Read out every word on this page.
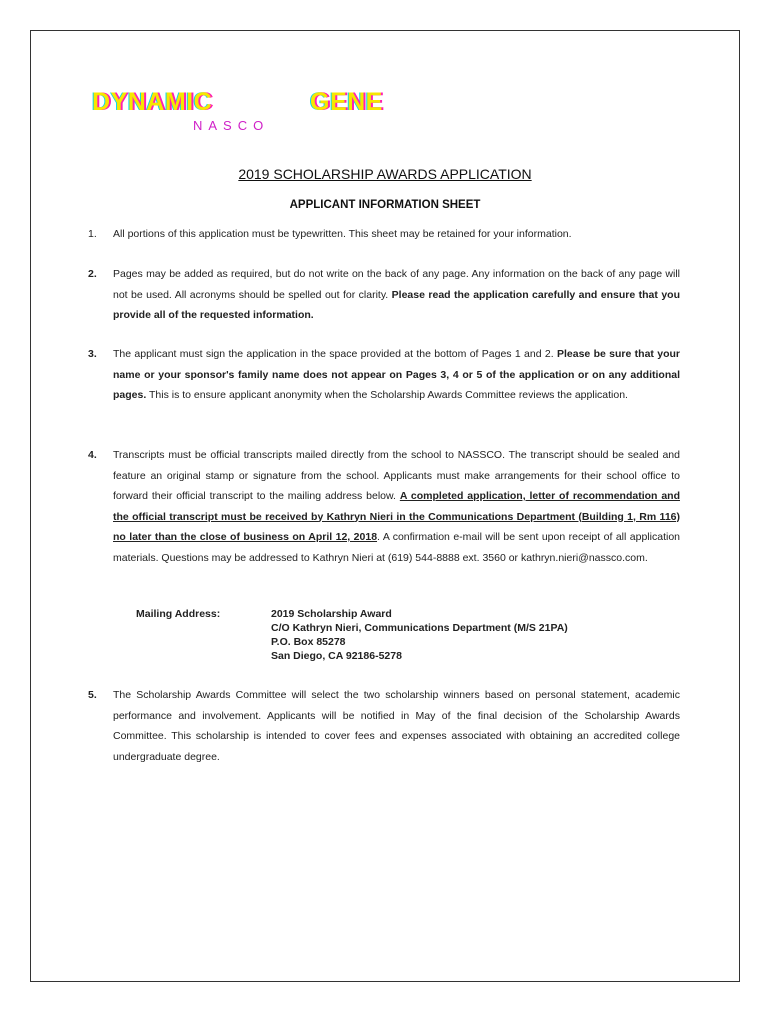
DYNAMIC	GENE
NASCO
2019 SCHOLARSHIP AWARDS APPLICATION
APPLICANT INFORMATION SHEET
1.	All portions of this application must be typewritten. This sheet may be retained for your information.
2.	Pages may be added as required, but do not write on the back of any page. Any information on the back of any page will not be used. All acronyms should be spelled out for clarity. Please read the application carefully and ensure that you provide all of the requested information.
3.	The applicant must sign the application in the space provided at the bottom of Pages 1 and 2. Please be sure that your name or your sponsor's family name does not appear on Pages 3, 4 or 5 of the application or on any additional pages. This is to ensure applicant anonymity when the Scholarship Awards Committee reviews the application.
4.	Transcripts must be official transcripts mailed directly from the school to NASSCO. The transcript should be sealed and feature an original stamp or signature from the school. Applicants must make arrangements for their school office to forward their official transcript to the mailing address below. A completed application, letter of recommendation and the official transcript must be received by Kathryn Nieri in the Communications Department (Building 1, Rm 116) no later than the close of business on April 12, 2018. A confirmation e-mail will be sent upon receipt of all application materials. Questions may be addressed to Kathryn Nieri at (619) 544-8888 ext. 3560 or kathryn.nieri@nassco.com.
Mailing Address:	2019 Scholarship Award
C/O Kathryn Nieri, Communications Department (M/S 21PA)
P.O. Box 85278
San Diego, CA 92186-5278
5.	The Scholarship Awards Committee will select the two scholarship winners based on personal statement, academic performance and involvement. Applicants will be notified in May of the final decision of the Scholarship Awards Committee. This scholarship is intended to cover fees and expenses associated with obtaining an accredited college undergraduate degree.
